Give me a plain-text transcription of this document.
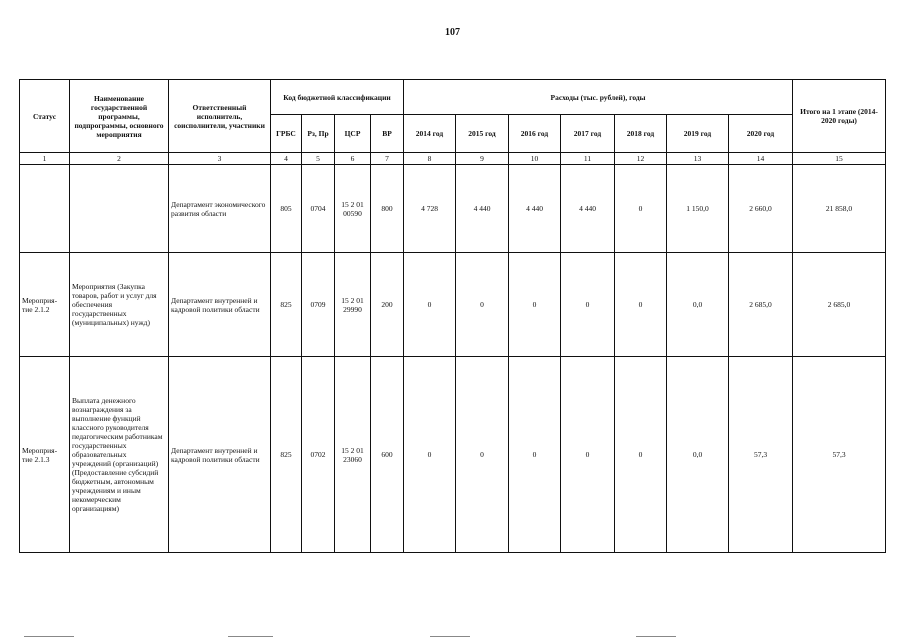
107
Статус	Наименование государственной программы, подпрограммы, основного мероприятия	Ответственный исполнитель, соисполнители, участники	Код бюджетной классификации				Расходы (тыс. рублей), годы							Итого на 1 этапе (2014-2020 годы)
			ГРБС	Рз, Пр	ЦСР	ВР	2014 год	2015 год	2016 год	2017 год	2018 год	2019 год	2020 год	
1	2	3	4	5	6	7	8	9	10	11	12	13	14	15
		Департамент экономического развития области	805	0704	15 2 01 00590	800	4 728	4 440	4 440	4 440	0	1 150,0	2 660,0	21 858,0
Мероприя-тие 2.1.2	Мероприятия (Закупка товаров, работ и услуг для обеспечения государственных (муниципальных) нужд)	Департамент внутренней и кадровой политики области	825	0709	15 2 01 29990	200	0	0	0	0	0	0,0	2 685,0	2 685,0
Мероприя-тие 2.1.3	Выплата денежного вознаграждения за выполнение функций классного руководителя педагогическим работникам государственных образовательных учреждений (организаций) (Предоставление субсидий бюджетным, автономным учреждениям и иным некомерческим организациям)	Департамент внутренней и кадровой политики области	825	0702	15 2 01 23060	600	0	0	0	0	0	0,0	57,3	57,3
